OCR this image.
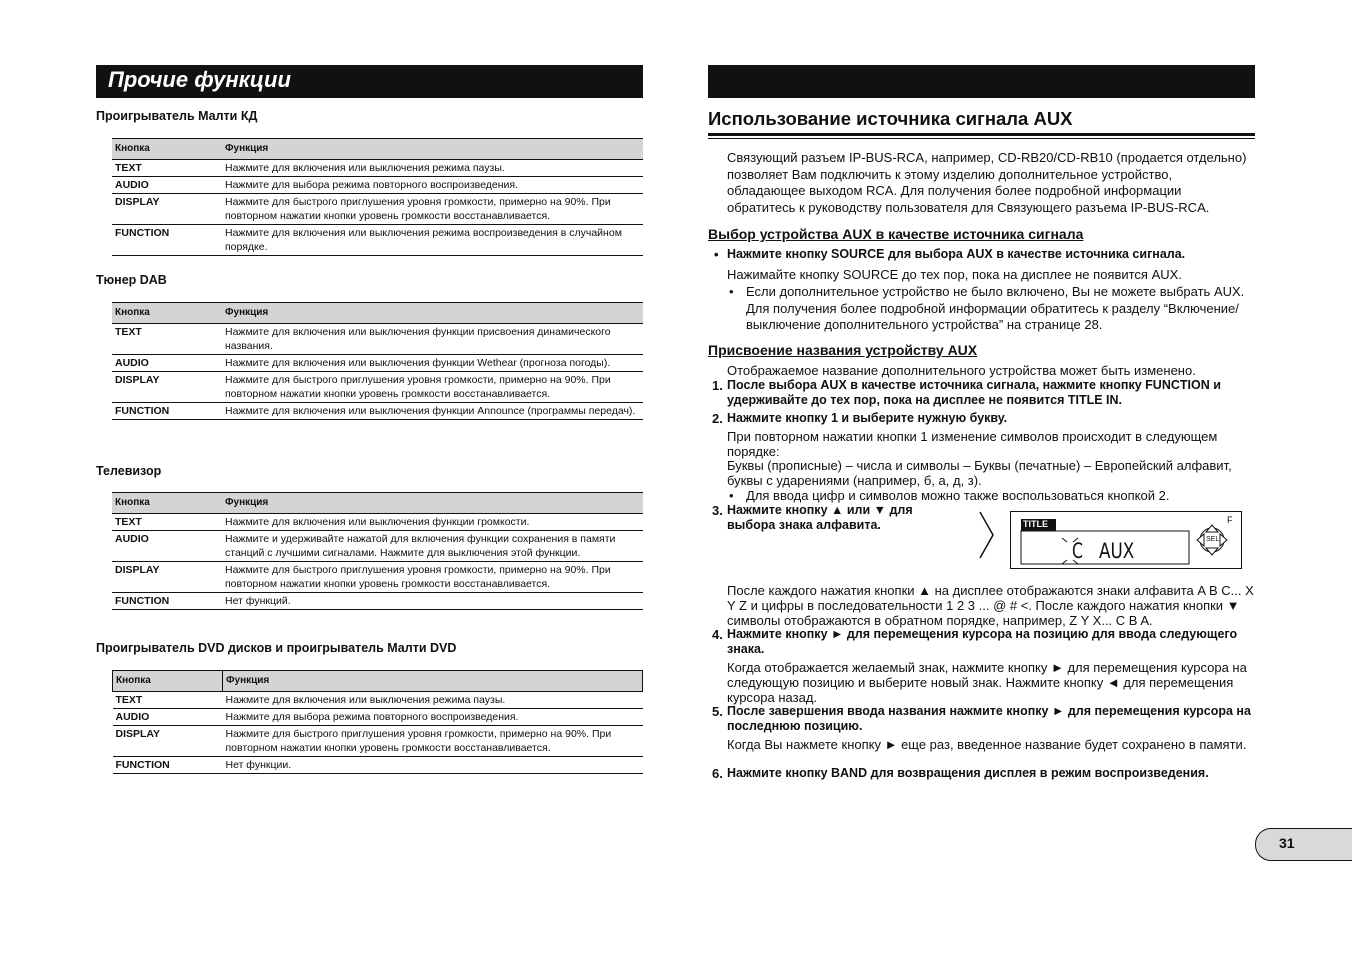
Прочие функции
Проигрыватель Малти КД
Кнопка	Функция
TEXT	Нажмите для включения или выключения режима паузы.
AUDIO	Нажмите для выбора режима повторного воспроизведения.
DISPLAY	Нажмите для быстрого приглушения уровня громкости, примерно на 90%. При повторном нажатии кнопки уровень громкости восстанавливается.
FUNCTION	Нажмите для включения или выключения режима воспроизведения в случайном порядке.
Тюнер DAB
Кнопка	Функция
TEXT	Нажмите для включения или выключения функции присвоения динамического названия.
AUDIO	Нажмите для включения или выключения функции Wethear (прогноза погоды).
DISPLAY	Нажмите для быстрого приглушения уровня громкости, примерно на 90%. При повторном нажатии кнопки уровень громкости восстанавливается.
FUNCTION	Нажмите для включения или выключения функции Announce (программы передач).
Телевизор
Кнопка	Функция
TEXT	Нажмите для включения или выключения функции громкости.
AUDIO	Нажмите и удерживайте нажатой для включения функции сохранения в памяти станций с лучшими сигналами. Нажмите для выключения этой функции.
DISPLAY	Нажмите для быстрого приглушения уровня громкости, примерно на 90%. При повторном нажатии кнопки уровень громкости восстанавливается.
FUNCTION	Нет функций.
Проигрыватель DVD дисков и проигрыватель Малти DVD
Кнопка	Функция
TEXT	Нажмите для включения или выключения режима паузы.
AUDIO	Нажмите для выбора режима повторного воспроизведения.
DISPLAY	Нажмите для быстрого приглушения уровня громкости, примерно на 90%. При повторном нажатии кнопки уровень громкости восстанавливается.
FUNCTION	Нет функции.
Использование источника сигнала AUX
Связующий разъем IP-BUS-RCA, например, CD-RB20/CD-RB10 (продается отдельно) позволяет Вам подключить к этому изделию дополнительное устройство, обладающее выходом RCA. Для получения более подробной информации обратитесь к руководству пользователя для Связующего разъема IP-BUS-RCA.
Выбор устройства AUX в качестве источника сигнала
• Нажмите кнопку SOURCE для выбора AUX в качестве источника сигнала.
Нажимайте кнопку SOURCE до тех пор, пока на дисплее не появится AUX.
• Если дополнительное устройство не было включено, Вы не можете выбрать AUX. Для получения более подробной информации обратитесь к разделу “Включение/выключение дополнительного устройства” на странице 28.
Присвоение названия устройству AUX
Отображаемое название дополнительного устройства может быть изменено.
1. После выбора AUX в качестве источника сигнала, нажмите кнопку FUNCTION и удерживайте до тех пор, пока на дисплее не появится TITLE IN.
2. Нажмите кнопку 1 и выберите нужную букву.
При повторном нажатии кнопки 1 изменение символов происходит в следующем порядке:
Буквы (прописные) – числа и символы – Буквы (печатные) – Европейский алфавит, буквы с ударениями (например, б, а, д, з).
• Для ввода цифр и символов можно также воспользоваться кнопкой 2.
3. Нажмите кнопку ▲ или ▼ для выбора знака алфавита.	TITLE	F
SEL
C AUX
После каждого нажатия кнопки ▲ на дисплее отображаются знаки алфавита A B C... X Y Z и цифры в последовательности 1 2 3 ... @ # <. После каждого нажатия кнопки ▼ символы отображаются в обратном порядке, например, Z Y X... C B A.
4. Нажмите кнопку ► для перемещения курсора на позицию для ввода следующего знака.
Когда отображается желаемый знак, нажмите кнопку ► для перемещения курсора на следующую позицию и выберите новый знак. Нажмите кнопку ◄ для перемещения курсора назад.
5. После завершения ввода названия нажмите кнопку ► для перемещения курсора на последнюю позицию.
Когда Вы нажмете кнопку ► еще раз, введенное название будет сохранено в памяти.
6. Нажмите кнопку BAND для возвращения дисплея в режим воспроизведения.
31
